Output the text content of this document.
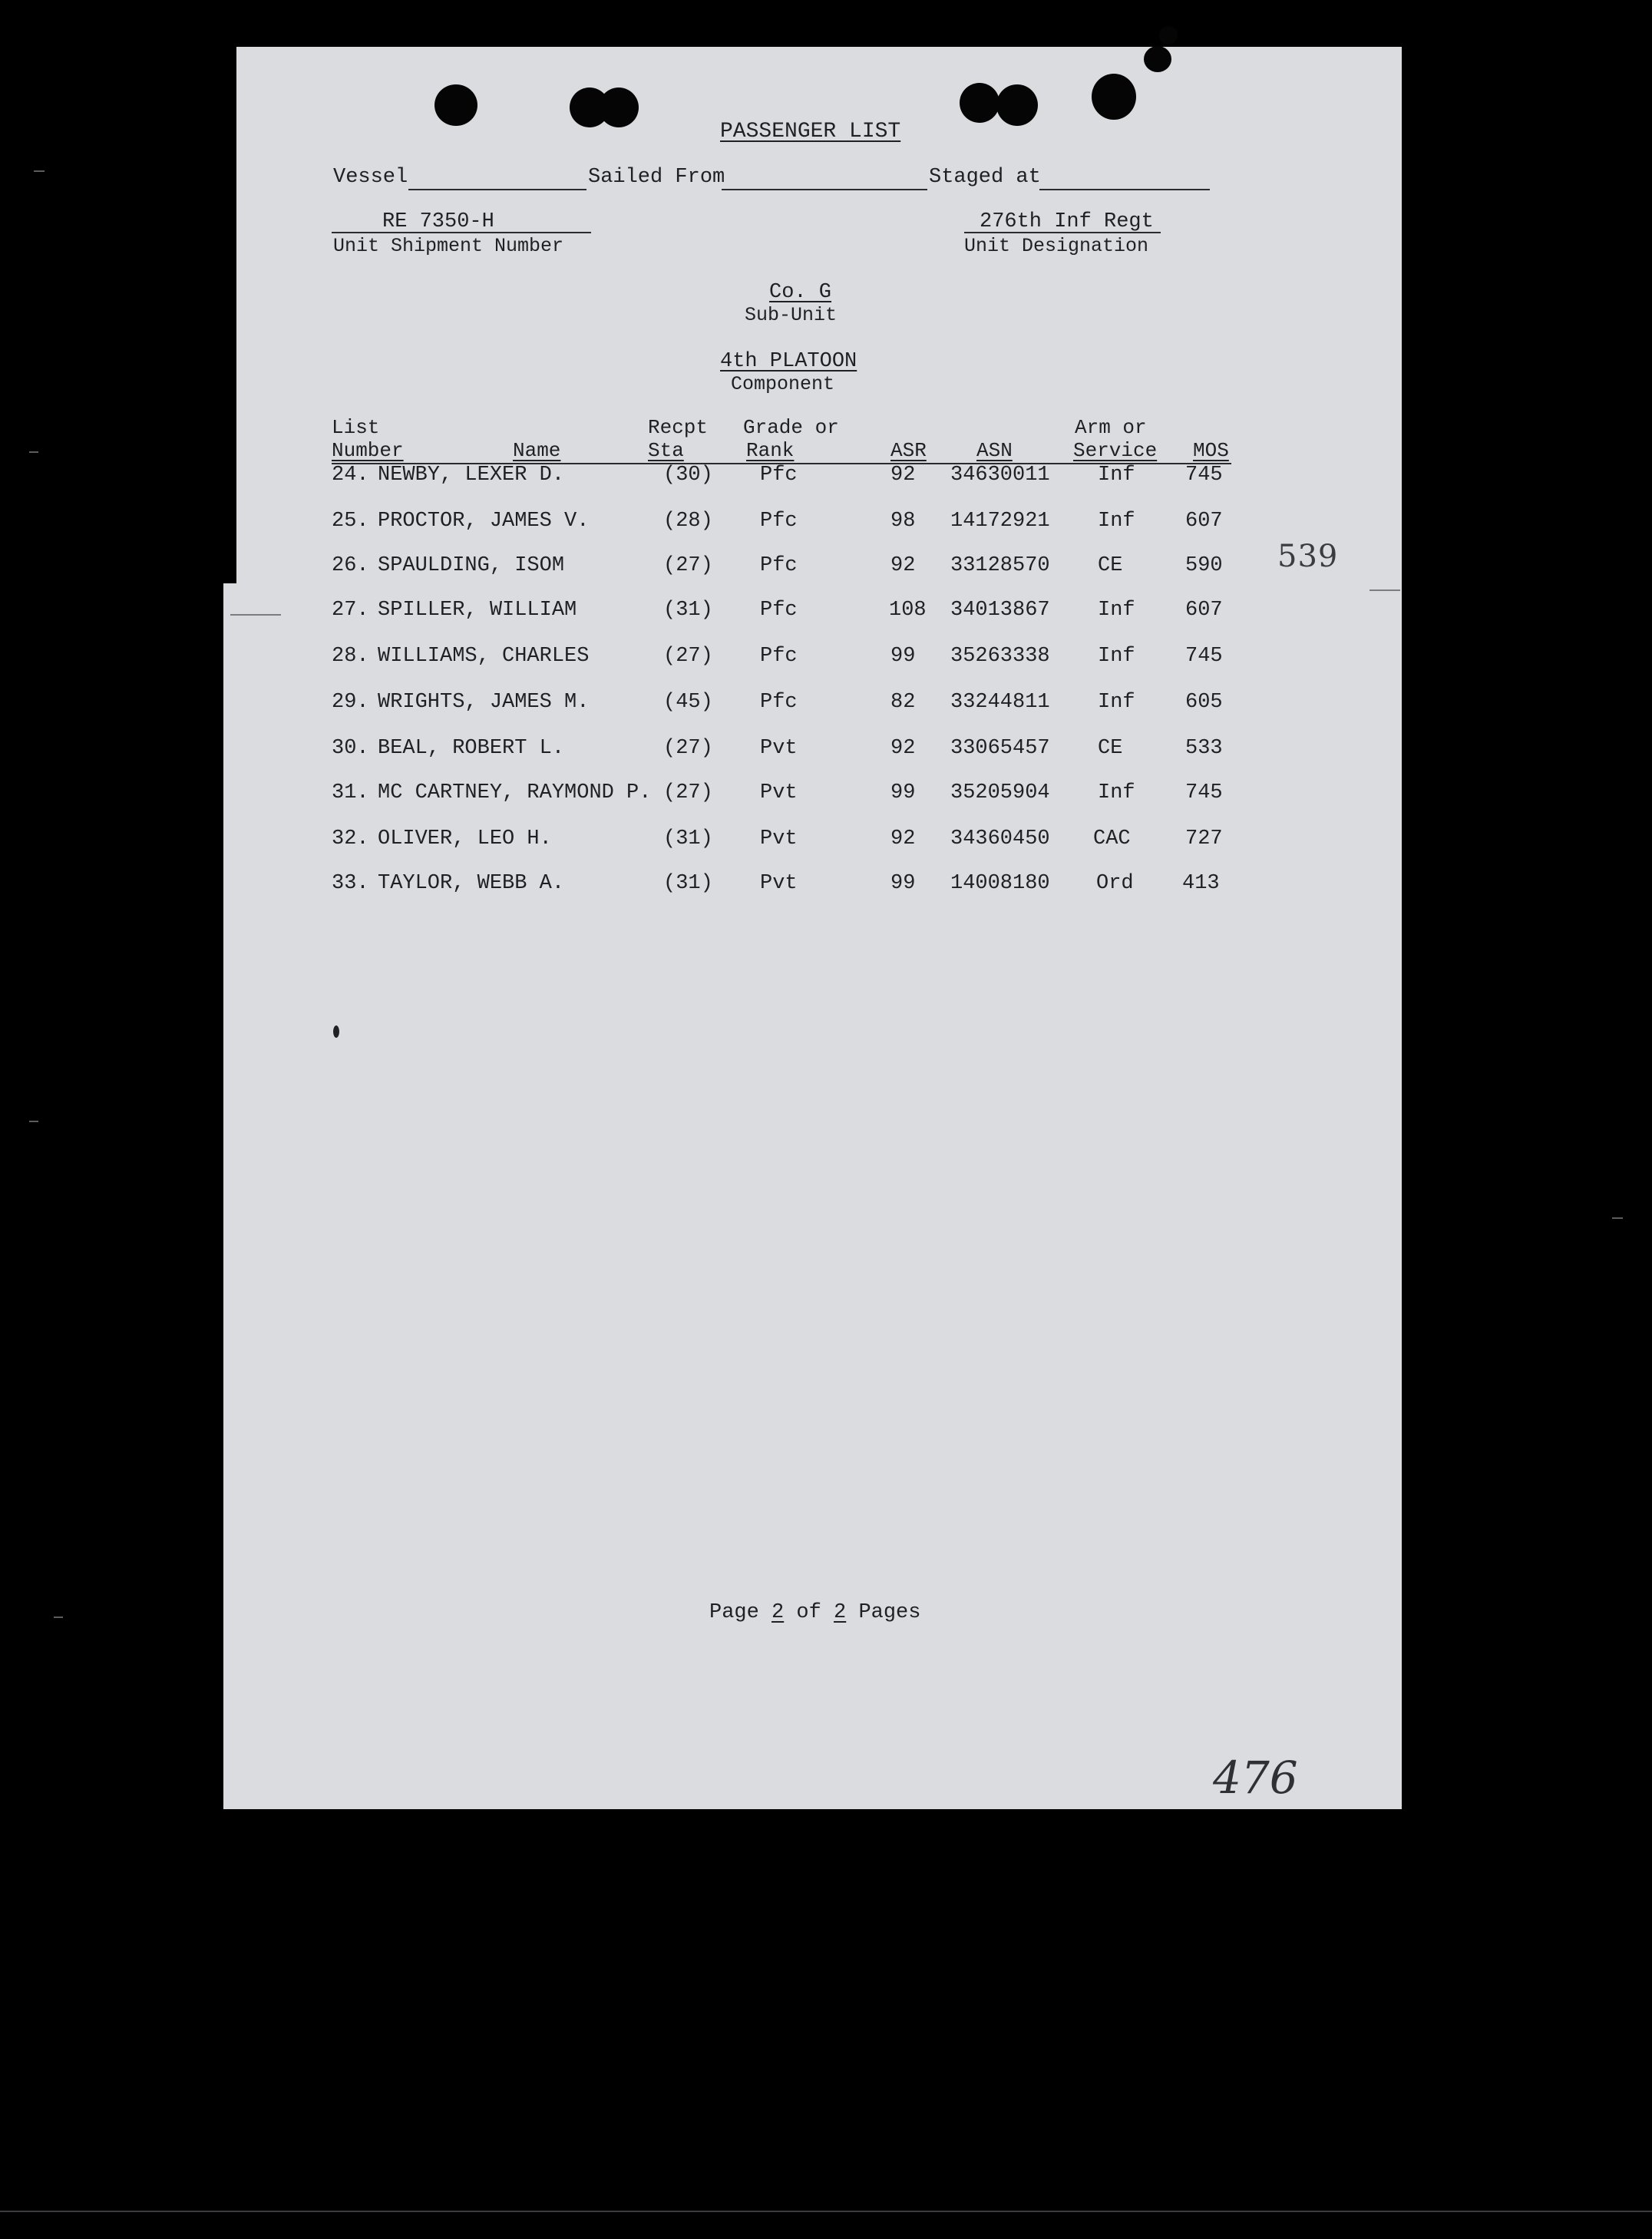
PASSENGER LIST
Vessel	Sailed From	Staged at
RE 7350-H
Unit Shipment Number
276th Inf Regt
Unit Designation
Co. G
Sub-Unit
4th PLATOON
Component
List
Number	Name
Recpt
Sta
Grade or
Rank	ASR	ASN
Arm or
Service MOS
24. NEWBY, LEXER D.	(30) Pfc	92 34630011 Inf 745
25. PROCTOR, JAMES V.	(28) Pfc	98 14172921 Inf 607
26. SPAULDING, ISOM	(27) Pfc	92 33128570 CE	590
27. SPILLER, WILLIAM	(31) Pfc	108 34013867 Inf 607
28. WILLIAMS, CHARLES	(27) Pfc	99 35263338 Inf 745
29. WRIGHTS, JAMES M.	(45) Pfc	82 33244811 Inf 605
30. BEAL, ROBERT L.	(27) Pvt	92 33065457 CE	533
31. MC CARTNEY, RAYMOND P. (27) Pvt	99 35205904 Inf 745
32. OLIVER, LEO H.	(31) Pvt	92 34360450 CAC	727
33. TAYLOR, WEBB A.	(31) Pvt	99 14008180 Ord 413
539
Page 2 of 2 Pages
476
